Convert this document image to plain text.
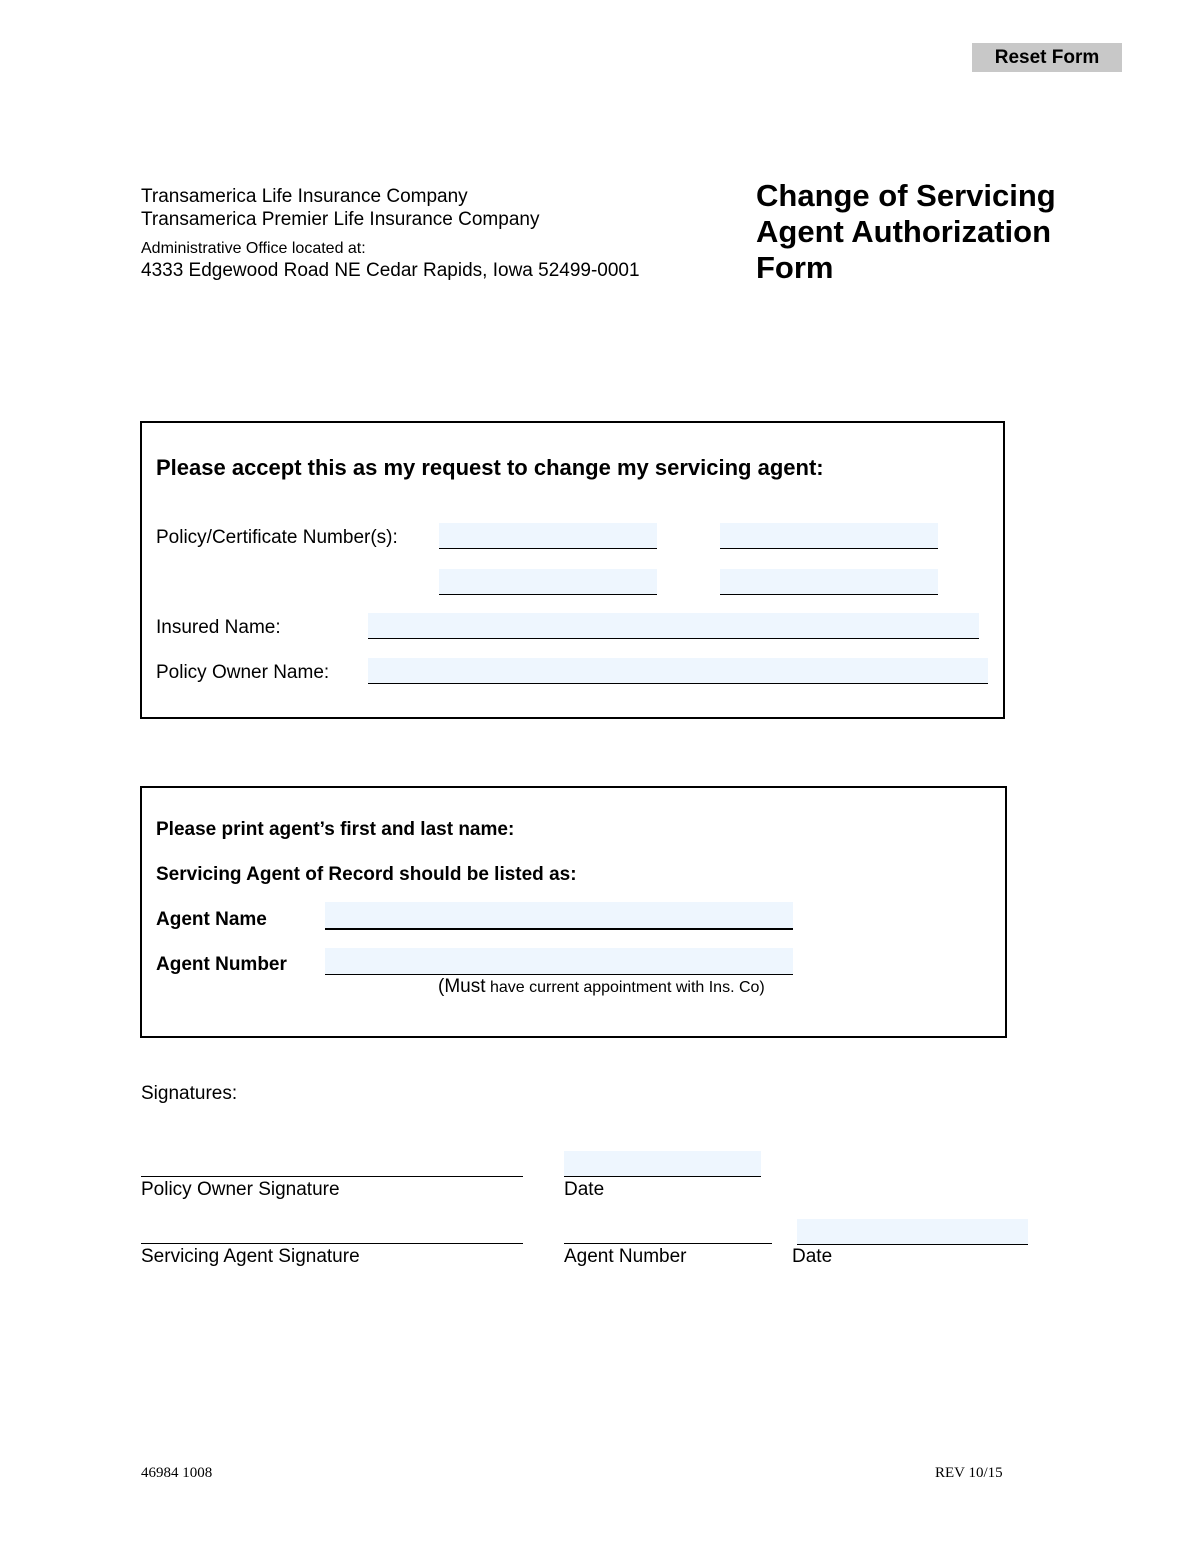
Reset Form
Transamerica Life Insurance Company
Transamerica Premier Life Insurance Company
Administrative Office located at:
4333 Edgewood Road NE Cedar Rapids, Iowa 52499-0001
Change of Servicing
Agent Authorization
Form
Please accept this as my request to change my servicing agent:
Policy/Certificate Number(s):
Insured Name:
Policy Owner Name:
Please print agent’s first and last name:
Servicing Agent of Record should be listed as:
Agent Name
Agent Number
(Must have current appointment with Ins. Co)
Signatures:
Policy Owner Signature	Date
Servicing Agent Signature	Agent Number	Date
46984 1008	REV 10/15
